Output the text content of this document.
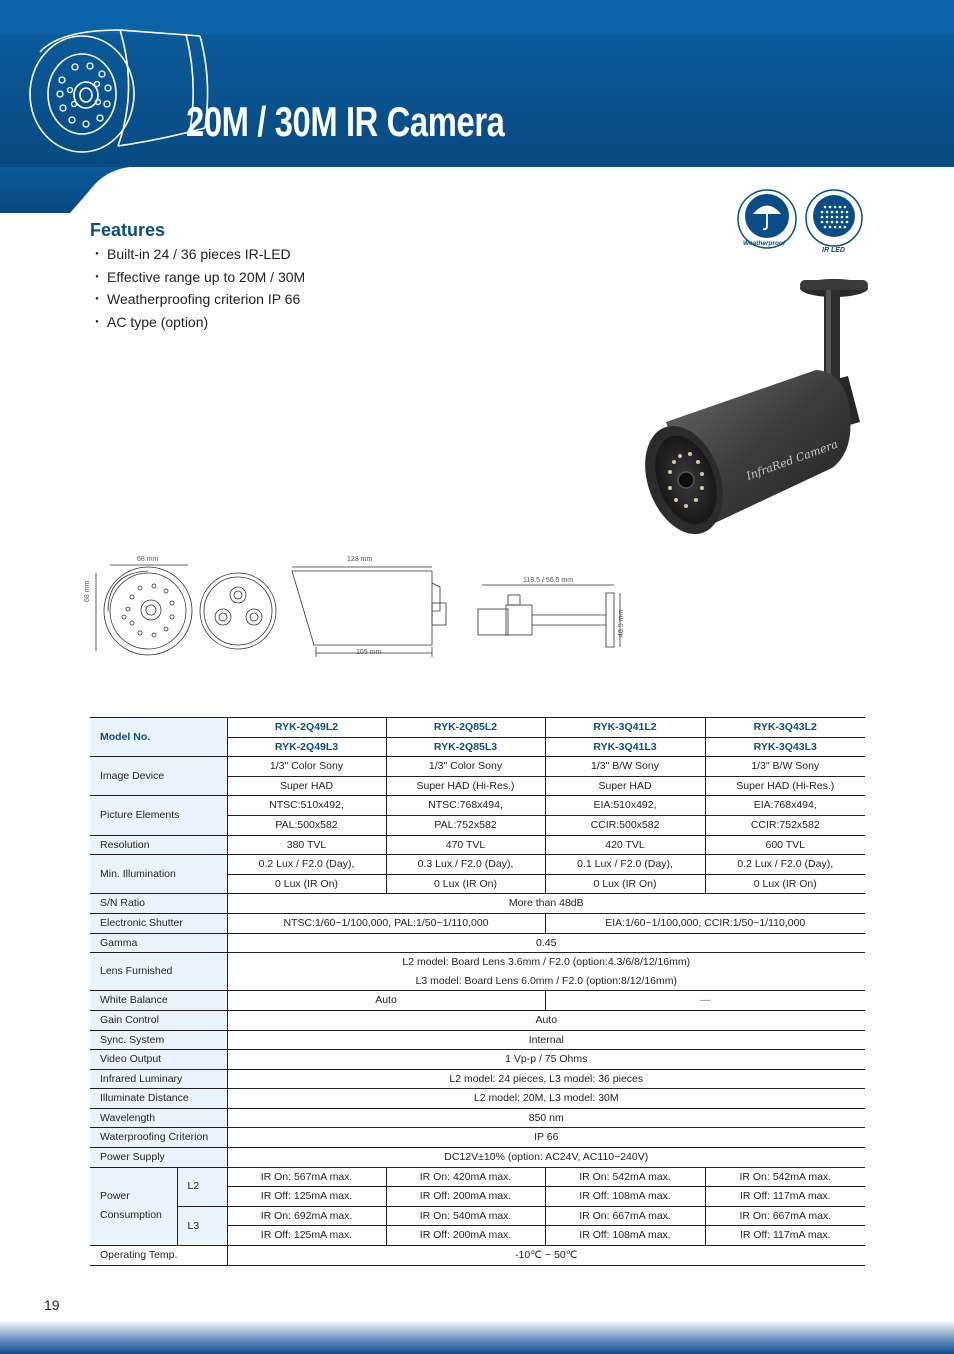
20M / 30M IR Camera
Features
・ Built-in 24 / 36 pieces IR-LED
・ Effective range up to 20M / 30M
・ Weatherproofing criterion IP 66
・ AC type (option)
Weatherproof
IR LED
InfraRed Camera
68 mm
68 mm
123 mm
105 mm
118.5 / 56.5 mm
48.5 mm
Model No.		RYK-2Q49L2	RYK-2Q85L2	RYK-3Q41L2	RYK-3Q43L2
		RYK-2Q49L3	RYK-2Q85L3	RYK-3Q41L3	RYK-3Q43L3
Image Device		1/3" Color Sony	1/3" Color Sony	1/3" B/W Sony	1/3" B/W Sony
		Super HAD	Super HAD (Hi-Res.)	Super HAD	Super HAD (Hi-Res.)
Picture Elements		NTSC:510x492,	NTSC:768x494,	EIA:510x492,	EIA:768x494,
		PAL:500x582	PAL:752x582	CCIR:500x582	CCIR:752x582
Resolution		380 TVL	470 TVL	420 TVL	600 TVL
Min. Illumination		0.2 Lux / F2.0 (Day),	0.3 Lux / F2.0 (Day),	0.1 Lux / F2.0 (Day),	0.2 Lux / F2.0 (Day),
		0 Lux (IR On)	0 Lux (IR On)	0 Lux (IR On)	0 Lux (IR On)
S/N Ratio		More than 48dB			
Electronic Shutter		NTSC:1/60~1/100,000, PAL:1/50~1/110,000		EIA:1/60~1/100,000, CCIR:1/50~1/110,000	
Gamma		0.45			
Lens Furnished		L2 model: Board Lens 3.6mm / F2.0 (option:4.3/6/8/12/16mm)			
		L3 model: Board Lens 6.0mm / F2.0 (option:8/12/16mm)			
White Balance		Auto		—	
Gain Control		Auto			
Sync. System		Internal			
Video Output		1 Vp-p / 75 Ohms			
Infrared Luminary		L2 model: 24 pieces, L3 model: 36 pieces			
Illuminate Distance		L2 model: 20M, L3 model: 30M			
Wavelength		850 nm			
Waterproofing Criterion		IP 66			
Power Supply		DC12V±10% (option: AC24V, AC110~240V)			
Power
Consumption	L2	IR On: 567mA max.	IR On: 420mA max.	IR On: 542mA max.	IR On: 542mA max.
		IR Off: 125mA max.	IR Off: 200mA max.	IR Off: 108mA max.	IR Off: 117mA max.
	L3	IR On: 692mA max.	IR On: 540mA max.	IR On: 667mA max.	IR On: 667mA max.
		IR Off: 125mA max.	IR Off: 200mA max.	IR Off: 108mA max.	IR Off: 117mA max.
Operating Temp.		-10℃ ~ 50℃			
19
